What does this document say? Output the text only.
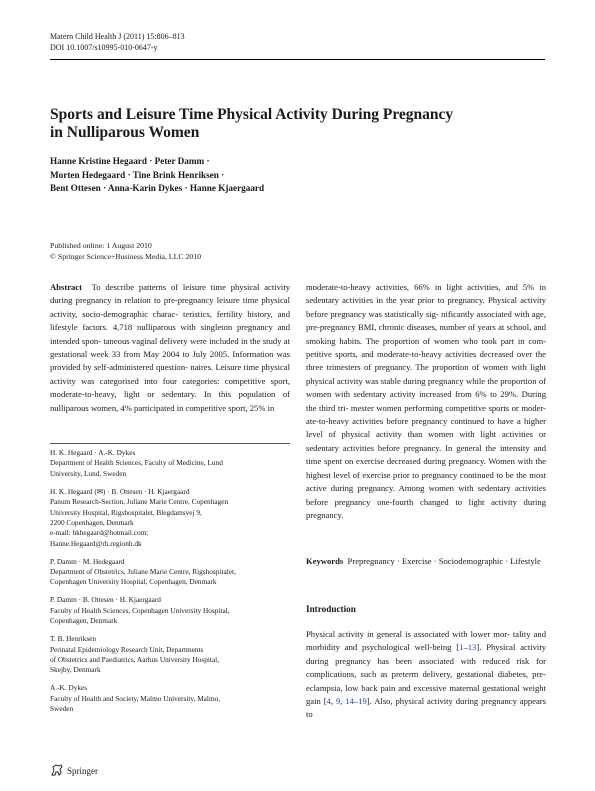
Matern Child Health J (2011) 15:806–813
DOI 10.1007/s10995-010-0647-y
Sports and Leisure Time Physical Activity During Pregnancy
in Nulliparous Women
Hanne Kristine Hegaard · Peter Damm ·
Morten Hedegaard · Tine Brink Henriksen ·
Bent Ottesen · Anna-Karin Dykes · Hanne Kjaergaard
Published online: 1 August 2010
© Springer Science+Business Media, LLC 2010

Abstract To describe patterns of leisure time physical activity during pregnancy in relation to pre-pregnancy leisure time physical activity, socio-demographic charac- teristics, fertility history, and lifestyle factors. 4,718 nulliparous with singleton pregnancy and intended spon- taneous vaginal delivery were included in the study at gestational week 33 from May 2004 to July 2005. Information was provided by self-administered question- naires. Leisure time physical activity was categorised into four categories: competitive sport, moderate-to-heavy, light or sedentary. In this population of nulliparous women, 4% participated in competitive sport, 25% in

moderate-to-heavy activities, 66% in light activities, and 5% in sedentary activities in the year prior to pregnancy. Physical activity before pregnancy was statistically sig- nificantly associated with age, pre-pregnancy BMI, chronic diseases, number of years at school, and smoking habits. The proportion of women who took part in com- petitive sports, and moderate-to-heavy activities decreased over the three trimesters of pregnancy. The proportion of women with light physical activity was stable during pregnancy while the proportion of women with sedentary activity increased from 6% to 29%. During the third tri- mester women performing competitive sports or moder- ate-to-heavy activities before pregnancy continued to have a higher level of physical activity than women with light activities or sedentary activities before pregnancy. In general the intensity and time spent on exercise decreased during pregnancy. Women with the highest level of exercise prior to pregnancy continued to be the most active during pregnancy. Among women with sedentary activities before pregnancy one-fourth changed to light activity during pregnancy.

H. K. Hegaard · A.-K. Dykes
Department of Health Sciences, Faculty of Medicine, Lund
University, Lund, Sweden
H. K. Hegaard (✉) · B. Ottesen · H. Kjaergaard
Panum Research-Section, Juliane Marie Centre, Copenhagen
University Hospital, Rigshospitalet, Blegdamsvej 9,
2200 Copenhagen, Denmark
e-mail: hkhegaard@hotmail.com;
Hanne.Hegaard@rh.regionh.dk
P. Damm · M. Hedegaard
Department of Obstetrics, Juliane Marie Centre, Rigshospitalet,
Copenhagen University Hospital, Copenhagen, Denmark
P. Damm · B. Ottesen · H. Kjaergaard
Faculty of Health Sciences, Copenhagen University Hospital,
Copenhagen, Denmark
T. B. Henriksen
Perinatal Epidemiology Research Unit, Departments
of Obstetrics and Paediatrics, Aarhus University Hospital,
Skejby, Denmark
A.-K. Dykes
Faculty of Health and Society, Malmo University, Malmo,
Sweden
Keywords Prepregnancy · Exercise · Sociodemographic · Lifestyle
Introduction

Physical activity in general is associated with lower mor- tality and morbidity and psychological well-being [1–13]. Physical activity during pregnancy has been associated with reduced risk for complications, such as preterm delivery, gestational diabetes, pre-eclampsia, low back pain and excessive maternal gestational weight gain [4, 9, 14–19]. Also, physical activity during pregnancy appears to

Springer
